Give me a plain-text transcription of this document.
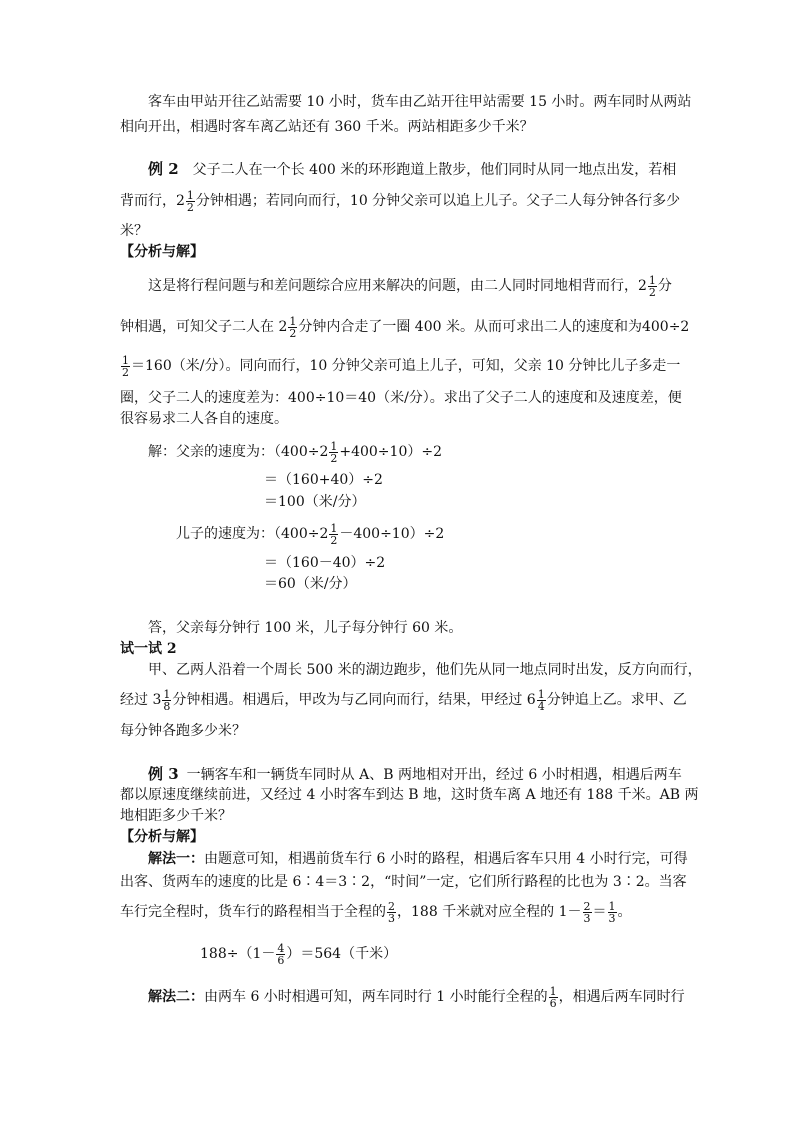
客车由甲站开往乙站需要 10 小时，货车由乙站开往甲站需要 15 小时。两车同时从两站
相向开出，相遇时客车离乙站还有 360 千米。两站相距多少千米？
例 2 父子二人在一个长 400 米的环形跑道上散步，他们同时从同一地点出发，若相
背而行，$2 \frac{1}{2}$ 分钟相遇；若同向而行，10 分钟父亲可以追上儿子。父子二人每分钟各行多少
米？
【分析与解】
这是将行程问题与和差问题综合应用来解决的问题，由二人同时同地相背而行，$2 \frac{1}{2}$ 分
钟相遇，可知父子二人在 $2 \frac{1}{2}$ 分钟内合走了一圈 400 米。从而可求出二人的速度和为400÷2
$\frac{1}{2} =160$（米/分）。同向而行，10 分钟父亲可追上儿子，可知，父亲 10 分钟比儿子多走一
圈，父子二人的速度差为：400÷10＝40（米/分）。求出了父子二人的速度和及速度差，便
很容易求二人各自的速度。
解：父亲的速度为：$(400\div 2 \frac{1}{2} +400\div 10)\div 2$
＝（160+40）÷2
＝100（米/分）
儿子的速度为：$(400\div 2 \frac{1}{2} -400\div 10)\div 2$
＝（160－40）÷2
＝60（米/分）
答，父亲每分钟行 100 米，儿子每分钟行 60 米。
试一试 2
甲、乙两人沿着一个周长 500 米的湖边跑步，他们先从同一地点同时出发，反方向而行，
经过 $3 \frac{1}{8}$ 分钟相遇。相遇后，甲改为与乙同向而行，结果，甲经过 $6 \frac{1}{4}$ 分钟追上乙。求甲、乙
每分钟各跑多少米？
例 3 一辆客车和一辆货车同时从 A、B 两地相对开出，经过 6 小时相遇，相遇后两车
都以原速度继续前进，又经过 4 小时客车到达 B 地，这时货车离 A 地还有 188 千米。AB 两
地相距多少千米？
【分析与解】
解法一：由题意可知，相遇前货车行 6 小时的路程，相遇后客车只用 4 小时行完，可得
出客、货两车的速度的比是 6∶4＝3∶2，“时间”一定，它们所行路程的比也为 3∶2。当客
车行完全程时，货车行的路程相当于全程的 $\frac{2}{3}$ ，188 千米就对应全程的 $1- \frac{2}{3} = \frac{1}{3}$ 。
$188\div(1- \frac{4}{6} )=564$（千米）
解法二：由两车 6 小时相遇可知，两车同时行 1 小时能行全程的 $\frac{1}{6}$ ，相遇后两车同时行
